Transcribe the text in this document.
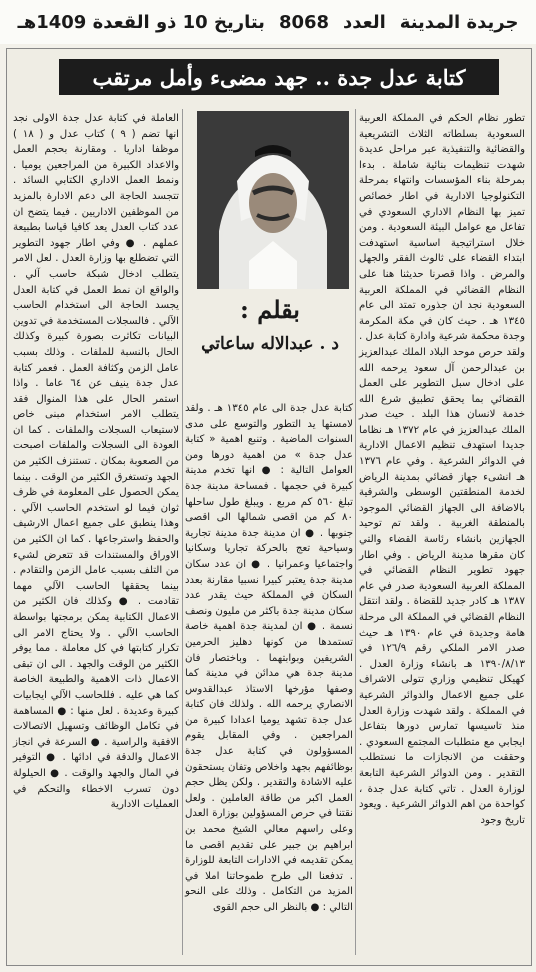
جريدة المدينة
العدد
8068
بتاريخ 10 ذو القعدة 1409هـ
كتابة عدل جدة .. جهد مضىء وأمل مرتقب

تطور نظام الحكم في المملكة العربية السعودية بسلطاته الثلاث التشريعية والقضائية والتنفيذية عبر مراحل عديدة شهدت تنظيمات بنائية شاملة . بدءا بمرحلة بناء المؤسسات وانتهاء بمرحلة التكنولوجيا الادارية في اطار خصائص تميز بها النظام الاداري السعودي في تفاعل مع عوامل البيئة السعودية . ومن خلال استراتيجية اساسية استهدفت ابتداء القضاء على ثالوث الفقر والجهل والمرض . واذا قصرنا حديثنا هنا على النظام القضائي في المملكة العربية السعودية نجد ان جذوره تمتد الى عام ١٣٤٥ هـ . حيث كان في مكة المكرمة وجدة محكمة شرعية وادارة كتابة عدل . ولقد حرص موحد البلاد الملك عبدالعزيز بن عبدالرحمن آل سعود يرحمه الله على ادخال سبل التطوير على العمل القضائي بما يحقق تطبيق شرع الله خدمة لانسان هذا البلد . حيث صدر الملك عبدالعزيز في عام ١٣٧٢ هـ نظاما جديدا استهدف تنظيم الاعمال الادارية في الدوائر الشرعية . وفي عام ١٣٧٦ هـ انشىء جهاز قضائي بمدينة الرياض لخدمة المنطقتين الوسطى والشرقية بالاضافة الى الجهاز القضائي الموجود بالمنطقة الغربية . ولقد تم توحيد الجهازين بانشاء رئاسة القضاء والتي كان مقرها مدينة الرياض . وفي اطار جهود تطوير النظام القضائي في المملكة العربية السعودية صدر في عام ١٣٨٧ هـ كادر جديد للقضاة . ولقد انتقل النظام القضائي في المملكة الى مرحلة هامة وجديدة في عام ١٣٩٠ هـ حيث صدر الامر الملكي رقم ١٢٦/٩ في ١٣٩٠/٨/١٣ هـ بانشاء وزارة العدل . كهيكل تنظيمي وزاري تتولى الاشراف على جميع الاعمال والدوائر الشرعية في المملكة . ولقد شهدت وزارة العدل منذ تاسيسها تمارس دورها بتفاعل ايجابي مع متطلبات المجتمع السعودي . وحققت من الانجازات ما نستطلب التقدير . ومن الدوائر الشرعية التابعة لوزارة العدل . تاتي كتابة عدل جدة ، كواحدة من اهم الدوائر الشرعية . ويعود تاريخ وجود

بقلم :
د . عبدالاله ساعاتي

كتابة عدل جدة الى عام ١٣٤٥ هـ . ولقد لامستها يد التطور والتوسع على مدى السنوات الماضية . وتنبع اهمية « كتابة عدل جدة » من اهمية دورها ومن العوامل التالية : ● انها تخدم مدينة كبيرة في حجمها . فمساحة مدينة جدة تبلغ ٥٦٠ كم مربع . ويبلغ طول ساحلها ٨٠ كم من اقصى شمالها الى اقصى جنوبها . ● ان مدينة جدة مدينة تجارية وسياحية تعج بالحركة تجاريا وسكانيا واجتماعيا وعمرانيا . ● ان عدد سكان مدينة جدة يعتبر كبيرا نسبيا مقارنة بعدد السكان في المملكة حيث يقدر عدد سكان مدينة جدة باكثر من مليون ونصف نسمة . ● ان لمدينة جدة اهمية خاصة تستمدها من كونها دهليز الحرمين الشريفين وبوابتهما . وباختصار فان مدينة جدة هي مدائن في مدينة كما وصفها مؤرخها الاستاذ عبدالقدوس الانصاري يرحمه الله . ولذلك فان كتابة عدل جدة تشهد يوميا اعدادا كبيرة من المراجعين . وفي المقابل يقوم المسؤولون في كتابة عدل جدة بوظائفهم بجهد واخلاص وتفان يستحقون عليه الاشادة والتقدير . ولكن يظل حجم العمل اكبر من طاقة العاملين . ولعل نقتنا في حرص المسؤولين بوزارة العدل وعلى راسهم معالي الشيخ محمد بن ابراهيم بن جبير على تقديم اقصى ما يمكن تقديمه في الادارات التابعة للوزارة . تدفعنا الى طرح طموحاتنا املا في المزيد من التكامل . وذلك على النحو التالي : ● بالنظر الى حجم القوى

العاملة في كتابة عدل جدة الاولى نجد انها تضم ( ٩ ) كتاب عدل و ( ١٨ ) موظفا اداريا . ومقارنة بحجم العمل والاعداد الكبيرة من المراجعين يوميا . ونمط العمل الاداري الكتابي السائد . تتجسد الحاجة الى دعم الادارة بالمزيد من الموظفين الاداريين . فيما يتضح ان عدد كتاب العدل يعد كافيا قياسا بطبيعة عملهم . ● وفي اطار جهود التطوير التي تضطلع بها وزارة العدل . لعل الامر يتطلب ادخال شبكة حاسب آلي . والواقع ان نمط العمل في كتابة العدل يجسد الحاجة الى استخدام الحاسب الآلي . فالسجلات المستخدمة في تدوين البيانات تكاثرت بصورة كبيرة وكذلك الحال بالنسبة للملفات . وذلك بسبب عامل الزمن وكثافة العمل . فعمر كتابة عدل جدة ينيف عن ٦٤ عاما . واذا استمر الحال على هذا المنوال فقد يتطلب الامر استخدام مبنى خاص لاستيعاب السجلات والملفات . كما ان العودة الى السجلات والملفات اصبحت من الصعوبة بمكان . تستنزف الكثير من الجهد وتستغرق الكثير من الوقت . بينما يمكن الحصول على المعلومة في ظرف ثوان فيما لو استخدم الحاسب الآلي . وهذا ينطبق على جميع اعمال الارشيف والحفظ واسترجاعها . كما ان الكثير من الاوراق والمستندات قد تتعرض لشيء من التلف بسبب عامل الزمن والتقادم . بينما يحققها الحاسب الآلي مهما تقادمت . ● وكذلك فان الكثير من الاعمال الكتابية يمكن برمجتها بواسطة الحاسب الآلي . ولا يحتاج الامر الى تكرار كتابتها في كل معاملة . مما يوفر الكثير من الوقت والجهد . الى ان تبقى الاعمال ذات الاهمية والطبيعة الخاصة كما هي عليه . فللحاسب الآلي ايجابيات كبيرة وعديدة . لعل منها : ● المساهمة في تكامل الوظائف وتسهيل الاتصالات الافقية والراسية . ● السرعة في انجاز الاعمال والدقة في ادائها . ● التوفير في المال والجهد والوقت . ● الحيلولة دون تسرب الاخطاء والتحكم في العمليات الادارية
